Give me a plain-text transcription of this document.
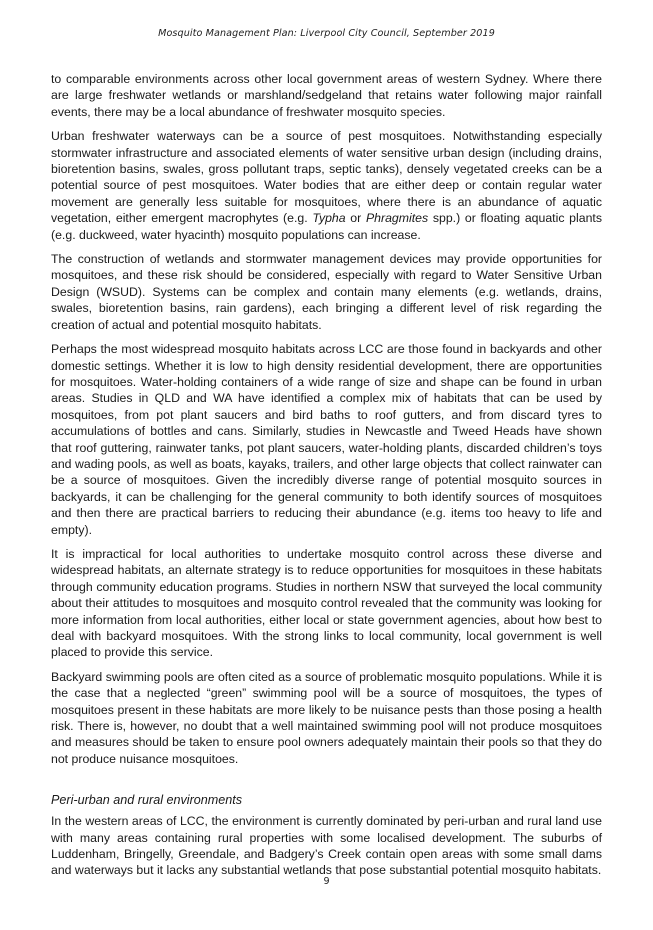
Mosquito Management Plan: Liverpool City Council, September 2019

to comparable environments across other local government areas of western Sydney. Where there are large freshwater wetlands or marshland/sedgeland that retains water following major rainfall events, there may be a local abundance of freshwater mosquito species.

Urban freshwater waterways can be a source of pest mosquitoes. Notwithstanding especially stormwater infrastructure and associated elements of water sensitive urban design (including drains, bioretention basins, swales, gross pollutant traps, septic tanks), densely vegetated creeks can be a potential source of pest mosquitoes. Water bodies that are either deep or contain regular water movement are generally less suitable for mosquitoes, where there is an abundance of aquatic vegetation, either emergent macrophytes (e.g. Typha or Phragmites spp.) or floating aquatic plants (e.g. duckweed, water hyacinth) mosquito populations can increase.

The construction of wetlands and stormwater management devices may provide opportunities for mosquitoes, and these risk should be considered, especially with regard to Water Sensitive Urban Design (WSUD). Systems can be complex and contain many elements (e.g. wetlands, drains, swales, bioretention basins, rain gardens), each bringing a different level of risk regarding the creation of actual and potential mosquito habitats.

Perhaps the most widespread mosquito habitats across LCC are those found in backyards and other domestic settings. Whether it is low to high density residential development, there are opportunities for mosquitoes. Water-holding containers of a wide range of size and shape can be found in urban areas. Studies in QLD and WA have identified a complex mix of habitats that can be used by mosquitoes, from pot plant saucers and bird baths to roof gutters, and from discard tyres to accumulations of bottles and cans. Similarly, studies in Newcastle and Tweed Heads have shown that roof guttering, rainwater tanks, pot plant saucers, water-holding plants, discarded children’s toys and wading pools, as well as boats, kayaks, trailers, and other large objects that collect rainwater can be a source of mosquitoes. Given the incredibly diverse range of potential mosquito sources in backyards, it can be challenging for the general community to both identify sources of mosquitoes and then there are practical barriers to reducing their abundance (e.g. items too heavy to life and empty).

It is impractical for local authorities to undertake mosquito control across these diverse and widespread habitats, an alternate strategy is to reduce opportunities for mosquitoes in these habitats through community education programs. Studies in northern NSW that surveyed the local community about their attitudes to mosquitoes and mosquito control revealed that the community was looking for more information from local authorities, either local or state government agencies, about how best to deal with backyard mosquitoes. With the strong links to local community, local government is well placed to provide this service.

Backyard swimming pools are often cited as a source of problematic mosquito populations. While it is the case that a neglected “green” swimming pool will be a source of mosquitoes, the types of mosquitoes present in these habitats are more likely to be nuisance pests than those posing a health risk. There is, however, no doubt that a well maintained swimming pool will not produce mosquitoes and measures should be taken to ensure pool owners adequately maintain their pools so that they do not produce nuisance mosquitoes.

Peri-urban and rural environments

In the western areas of LCC, the environment is currently dominated by peri-urban and rural land use with many areas containing rural properties with some localised development. The suburbs of Luddenham, Bringelly, Greendale, and Badgery’s Creek contain open areas with some small dams and waterways but it lacks any substantial wetlands that pose substantial potential mosquito habitats.

9
